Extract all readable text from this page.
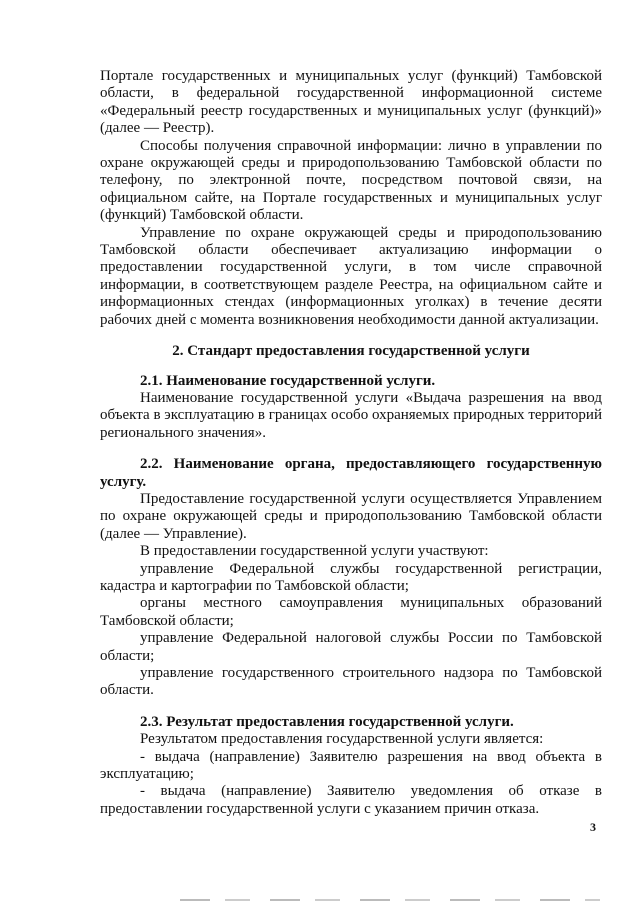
Портале государственных и муниципальных услуг (функций) Тамбовской области, в федеральной государственной информационной системе «Федеральный реестр государственных и муниципальных услуг (функций)» (далее — Реестр).

Способы получения справочной информации: лично в управлении по охране окружающей среды и природопользованию Тамбовской области по телефону, по электронной почте, посредством почтовой связи, на официальном сайте, на Портале государственных и муниципальных услуг (функций) Тамбовской области.

Управление по охране окружающей среды и природопользованию Тамбовской области обеспечивает актуализацию информации о предоставлении государственной услуги, в том числе справочной информации, в соответствующем разделе Реестра, на официальном сайте и информационных стендах (информационных уголках) в течение десяти рабочих дней с момента возникновения необходимости данной актуализации.

2. Стандарт предоставления государственной услуги

2.1. Наименование государственной услуги.

Наименование государственной услуги «Выдача разрешения на ввод объекта в эксплуатацию в границах особо охраняемых природных территорий регионального значения».

2.2. Наименование органа, предоставляющего государственную услугу.

Предоставление государственной услуги осуществляется Управлением по охране окружающей среды и природопользованию Тамбовской области (далее — Управление).

В предоставлении государственной услуги участвуют:

управление Федеральной службы государственной регистрации, кадастра и картографии по Тамбовской области;

органы местного самоуправления муниципальных образований Тамбовской области;

управление Федеральной налоговой службы России по Тамбовской области;

управление государственного строительного надзора по Тамбовской области.

2.3. Результат предоставления государственной услуги.

Результатом предоставления государственной услуги является:

- выдача (направление) Заявителю разрешения на ввод объекта в эксплуатацию;

- выдача (направление) Заявителю уведомления об отказе в предоставлении государственной услуги с указанием причин отказа.

3
